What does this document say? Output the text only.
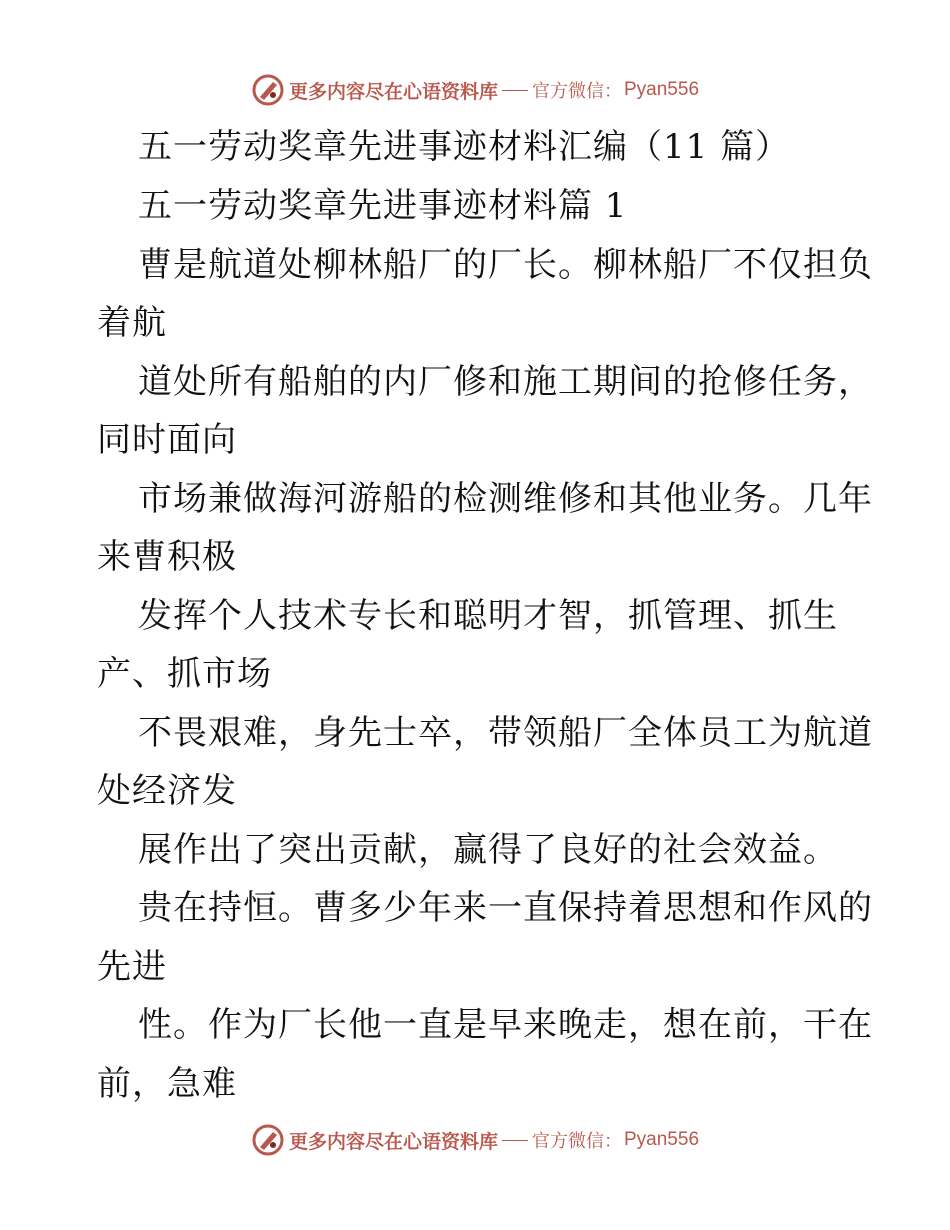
更多内容尽在心语资料库 官方微信： Pyan556
五一劳动奖章先进事迹材料汇编（11 篇）
五一劳动奖章先进事迹材料篇 1
曹是航道处柳林船厂的厂长。柳林船厂不仅担负
着航
道处所有船舶的内厂修和施工期间的抢修任务，
同时面向
市场兼做海河游船的检测维修和其他业务。几年
来曹积极
发挥个人技术专长和聪明才智，抓管理、抓生
产、抓市场
不畏艰难，身先士卒，带领船厂全体员工为航道
处经济发
展作出了突出贡献，赢得了良好的社会效益。
贵在持恒。曹多少年来一直保持着思想和作风的
先进
性。作为厂长他一直是早来晚走，想在前，干在
前，急难
更多内容尽在心语资料库 官方微信： Pyan556
